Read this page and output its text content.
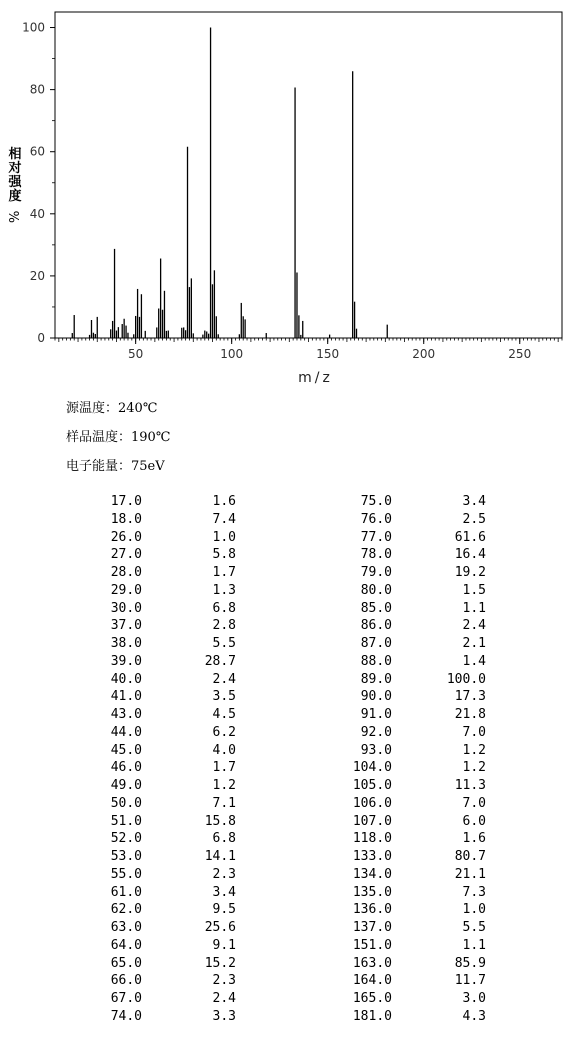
50	100	150	200	250
0
20
40
60
80
100
m/z
相
对
强
度
%
源温度：240℃
样品温度：190℃
电子能量：75eV
17.0	1.6
18.0	7.4
26.0	1.0
27.0	5.8
28.0	1.7
29.0	1.3
30.0	6.8
37.0	2.8
38.0	5.5
39.0	28.7
40.0	2.4
41.0	3.5
43.0	4.5
44.0	6.2
45.0	4.0
46.0	1.7
49.0	1.2
50.0	7.1
51.0	15.8
52.0	6.8
53.0	14.1
55.0	2.3
61.0	3.4
62.0	9.5
63.0	25.6
64.0	9.1
65.0	15.2
66.0	2.3
67.0	2.4
74.0	3.3
75.0	3.4
76.0	2.5
77.0	61.6
78.0	16.4
79.0	19.2
80.0	1.5
85.0	1.1
86.0	2.4
87.0	2.1
88.0	1.4
89.0	100.0
90.0	17.3
91.0	21.8
92.0	7.0
93.0	1.2
104.0	1.2
105.0	11.3
106.0	7.0
107.0	6.0
118.0	1.6
133.0	80.7
134.0	21.1
135.0	7.3
136.0	1.0
137.0	5.5
151.0	1.1
163.0	85.9
164.0	11.7
165.0	3.0
181.0	4.3
